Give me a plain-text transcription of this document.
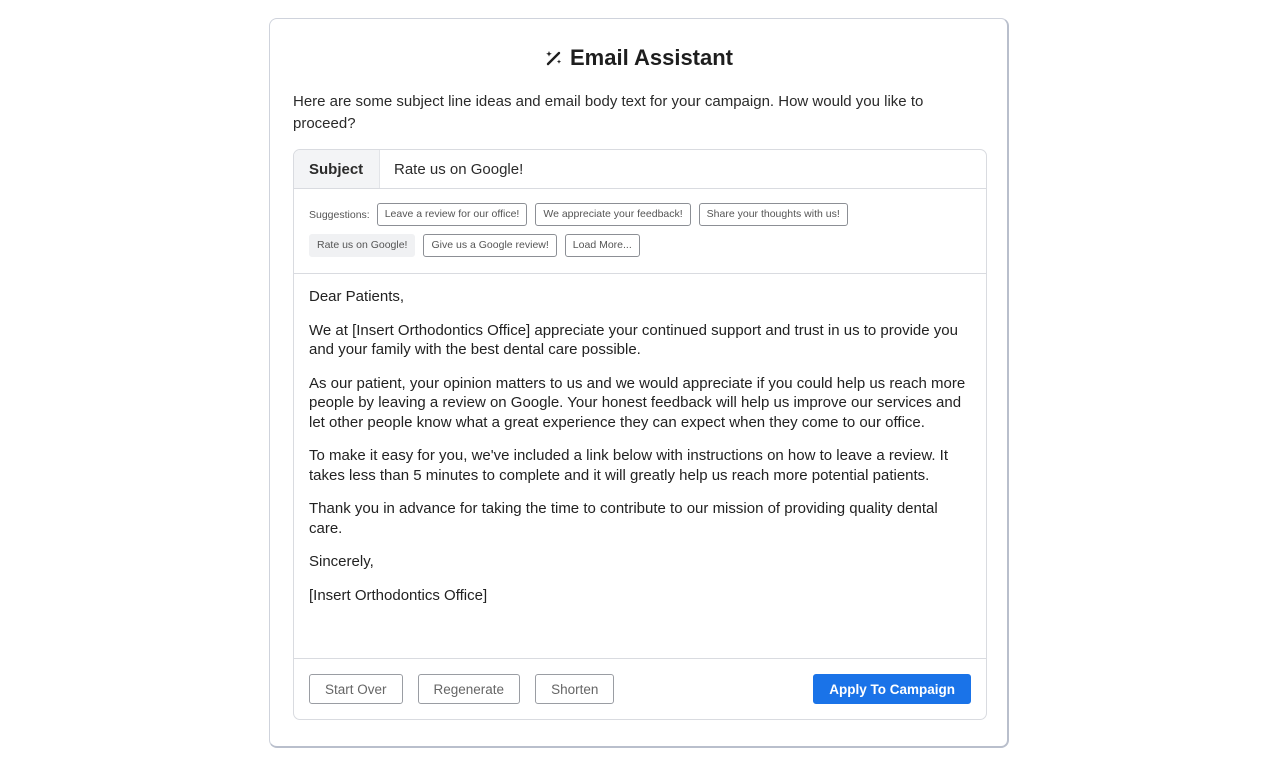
Email Assistant
Here are some subject line ideas and email body text for your campaign. How would you like to proceed?
Subject	Rate us on Google!
Suggestions:	Leave a review for our office!	We appreciate your feedback!	Share your thoughts with us!
Rate us on Google!	Give us a Google review!	Load More...

Dear Patients,

We at [Insert Orthodontics Office] appreciate your continued support and trust in us to provide you and your family with the best dental care possible.

As our patient, your opinion matters to us and we would appreciate if you could help us reach more people by leaving a review on Google. Your honest feedback will help us improve our services and let other people know what a great experience they can expect when they come to our office.

To make it easy for you, we've included a link below with instructions on how to leave a review. It takes less than 5 minutes to complete and it will greatly help us reach more potential patients.

Thank you in advance for taking the time to contribute to our mission of providing quality dental care.

Sincerely,

[Insert Orthodontics Office]

Start Over	Regenerate	Shorten	Apply To Campaign
